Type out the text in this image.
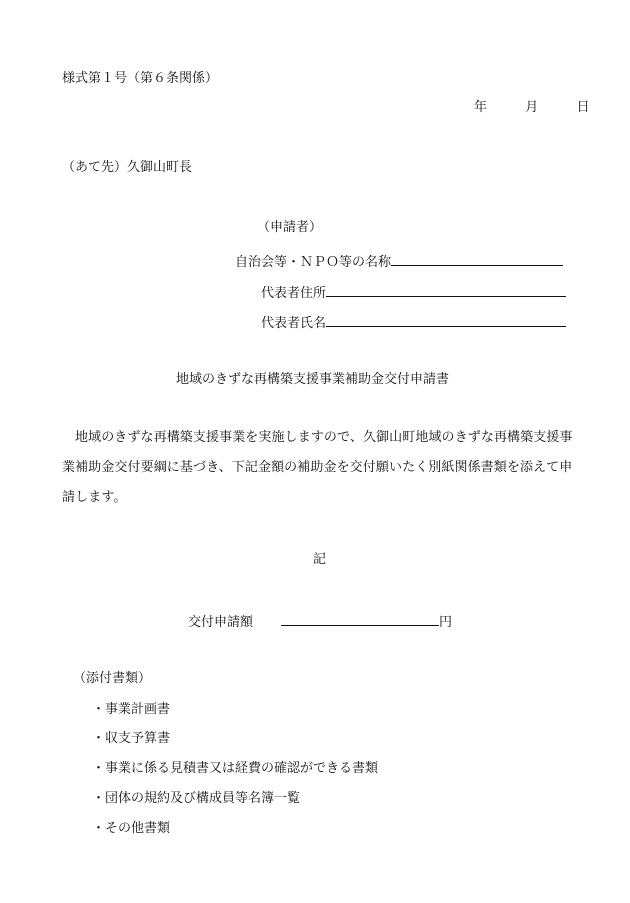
様式第１号（第６条関係）
年	月	日
（あて先）久御山町長
（申請者）
自治会等・ＮＰＯ等の名称
代表者住所
代表者氏名
地域のきずな再構築支援事業補助金交付申請書
地域のきずな再構築支援事業を実施しますので、久御山町地域のきずな再構築支援事業補助金交付要綱に基づき、下記金額の補助金を交付願いたく別紙関係書類を添えて申請します。
記
交付申請額	円
（添付書類）
・事業計画書
・収支予算書
・事業に係る見積書又は経費の確認ができる書類
・団体の規約及び構成員等名簿一覧
・その他書類
